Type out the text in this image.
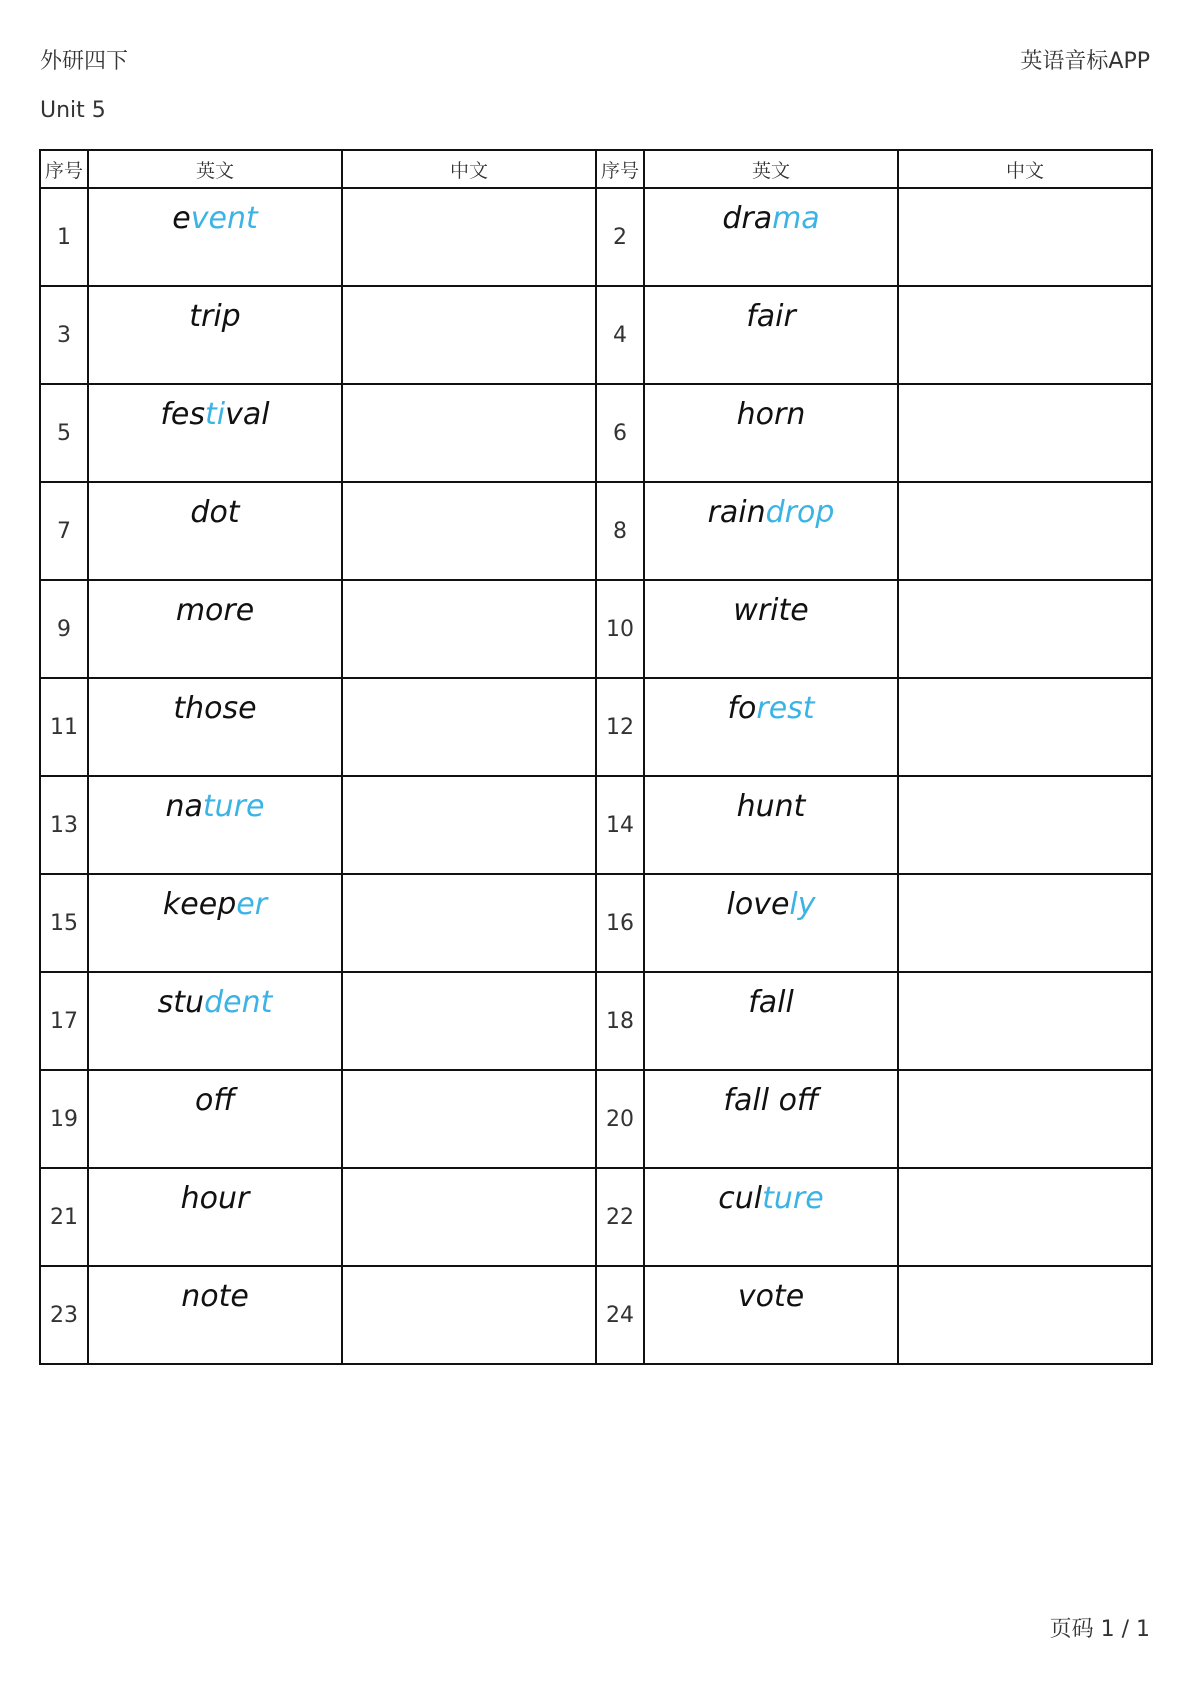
外研四下	英语音标APP
Unit 5
序号	英文	中文	序号	英文	中文
1	event		2	drama	
3	trip		4	fair	
5	festival		6	horn	
7	dot		8	raindrop	
9	more		10	write	
11	those		12	forest	
13	nature		14	hunt	
15	keeper		16	lovely	
17	student		18	fall	
19	off		20	fall off	
21	hour		22	culture	
23	note		24	vote	
页码 1 / 1
